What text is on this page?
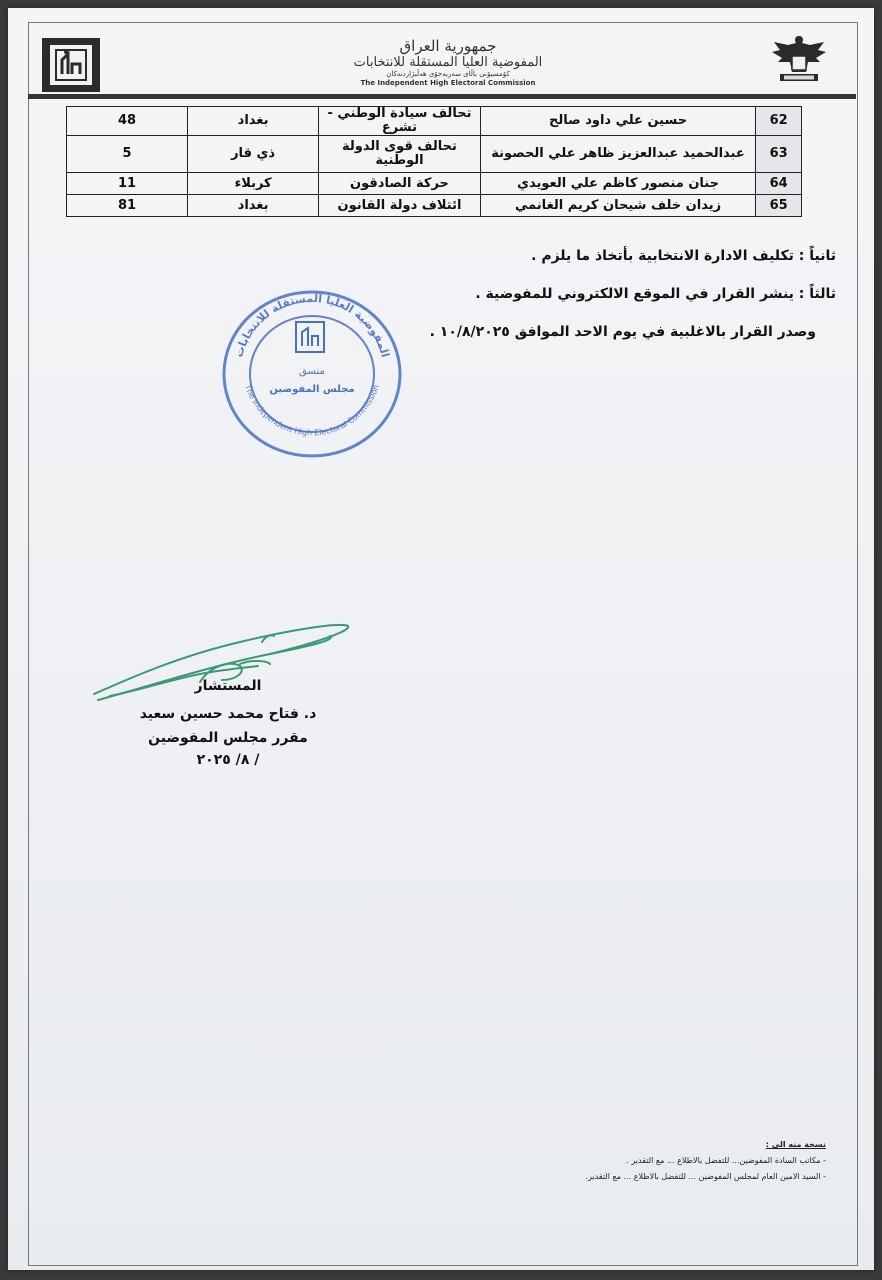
جمهورية العراق
المفوضية العليا المستقلة للانتخابات
كۆمسیۆنی باڵای سەربەخۆی هەڵبژاردنەكان
The Independent High Electoral Commission
62	حسين علي داود صالح	تحالف سيادة الوطني - تشرع	بغداد	48
63	عبدالحميد عبدالعزيز ظاهر علي الحصونة	تحالف قوى الدولة الوطنية	ذي قار	5
64	جنان منصور كاظم علي العويدي	حركة الصادقون	كربلاء	11
65	زيدان خلف شيحان كريم الغانمي	ائتلاف دولة القانون	بغداد	81
ثانياً : تكليف الادارة الانتخابية بأتخاذ ما يلزم .
ثالثاً : ينشر القرار في الموقع الالكتروني للمفوضية .
وصدر القرار بالاغلبية في يوم الاحد الموافق ١٠/٨/٢٠٢٥ .
المفوضية العليا المستقلة للانتخابات
The Independent High Electoral Commission
منسق
مجلس المفوضين
المستشار
د. فتاح محمد حسين سعيد
مقرر مجلس المفوضين
/ ٨/ ٢٠٢٥
نسخة منه الى :
- مكاتب السادة المفوضين... للتفضل بالاطلاع ... مع التقدير .
- السيد الامين العام لمجلس المفوضين ... للتفضل بالاطلاع ... مع التقدير.
